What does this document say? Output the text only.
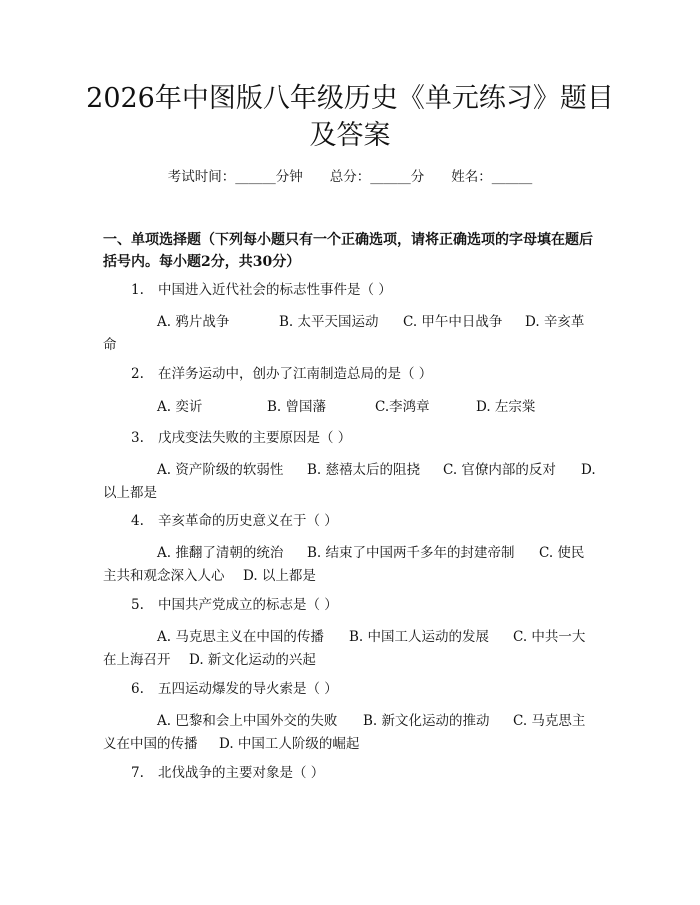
2026年中图版八年级历史《单元练习》题目
及答案
考试时间：______分钟　　总分：______分　　姓名：______
一、单项选择题（下列每小题只有一个正确选项，请将正确选项的字母填在题后
括号内。每小题2分，共30分）
1. 中国进入近代社会的标志性事件是（ ）
A. 鸦片战争	B. 太平天国运动 C. 甲午中日战争 D. 辛亥革
命
2. 在洋务运动中，创办了江南制造总局的是（ ）
A. 奕䜣	B. 曾国藩	C.李鸿章	D. 左宗棠
3. 戊戌变法失败的主要原因是（ ）
A. 资产阶级的软弱性 B. 慈禧太后的阻挠 C. 官僚内部的反对 D.
以上都是
4. 辛亥革命的历史意义在于（ ）
A. 推翻了清朝的统治 B. 结束了中国两千多年的封建帝制 C. 使民
主共和观念深入人心 D. 以上都是
5. 中国共产党成立的标志是（ ）
A. 马克思主义在中国的传播 B. 中国工人运动的发展 C. 中共一大
在上海召开 D. 新文化运动的兴起
6. 五四运动爆发的导火索是（ ）
A. 巴黎和会上中国外交的失败 B. 新文化运动的推动 C. 马克思主
义在中国的传播 D. 中国工人阶级的崛起
7. 北伐战争的主要对象是（ ）
